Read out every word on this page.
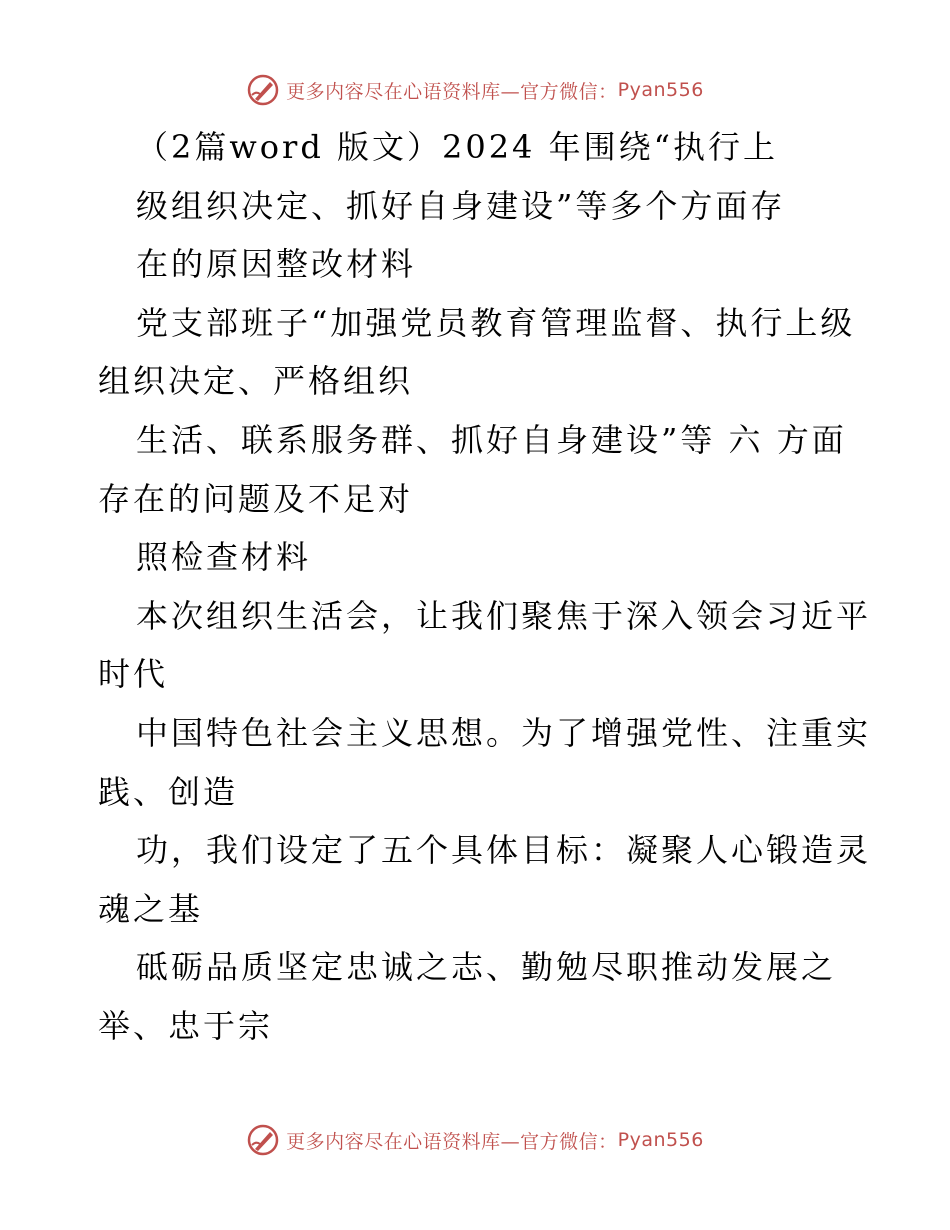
更多内容尽在心语资料库—官方微信： Pyan556
（2篇word 版文）2024 年围绕“执行上
级组织决定、抓好自身建设”等多个方面存
在的原因整改材料
党支部班子“加强党员教育管理监督、执行上级
组织决定、严格组织
生活、联系服务群、抓好自身建设”等 六 方面
存在的问题及不足对
照检查材料
本次组织生活会，让我们聚焦于深入领会习近平
时代
中国特色社会主义思想。为了增强党性、注重实
践、创造
功，我们设定了五个具体目标：凝聚人心锻造灵
魂之基
砥砺品质坚定忠诚之志、勤勉尽职推动发展之
举、忠于宗
更多内容尽在心语资料库—官方微信： Pyan556
